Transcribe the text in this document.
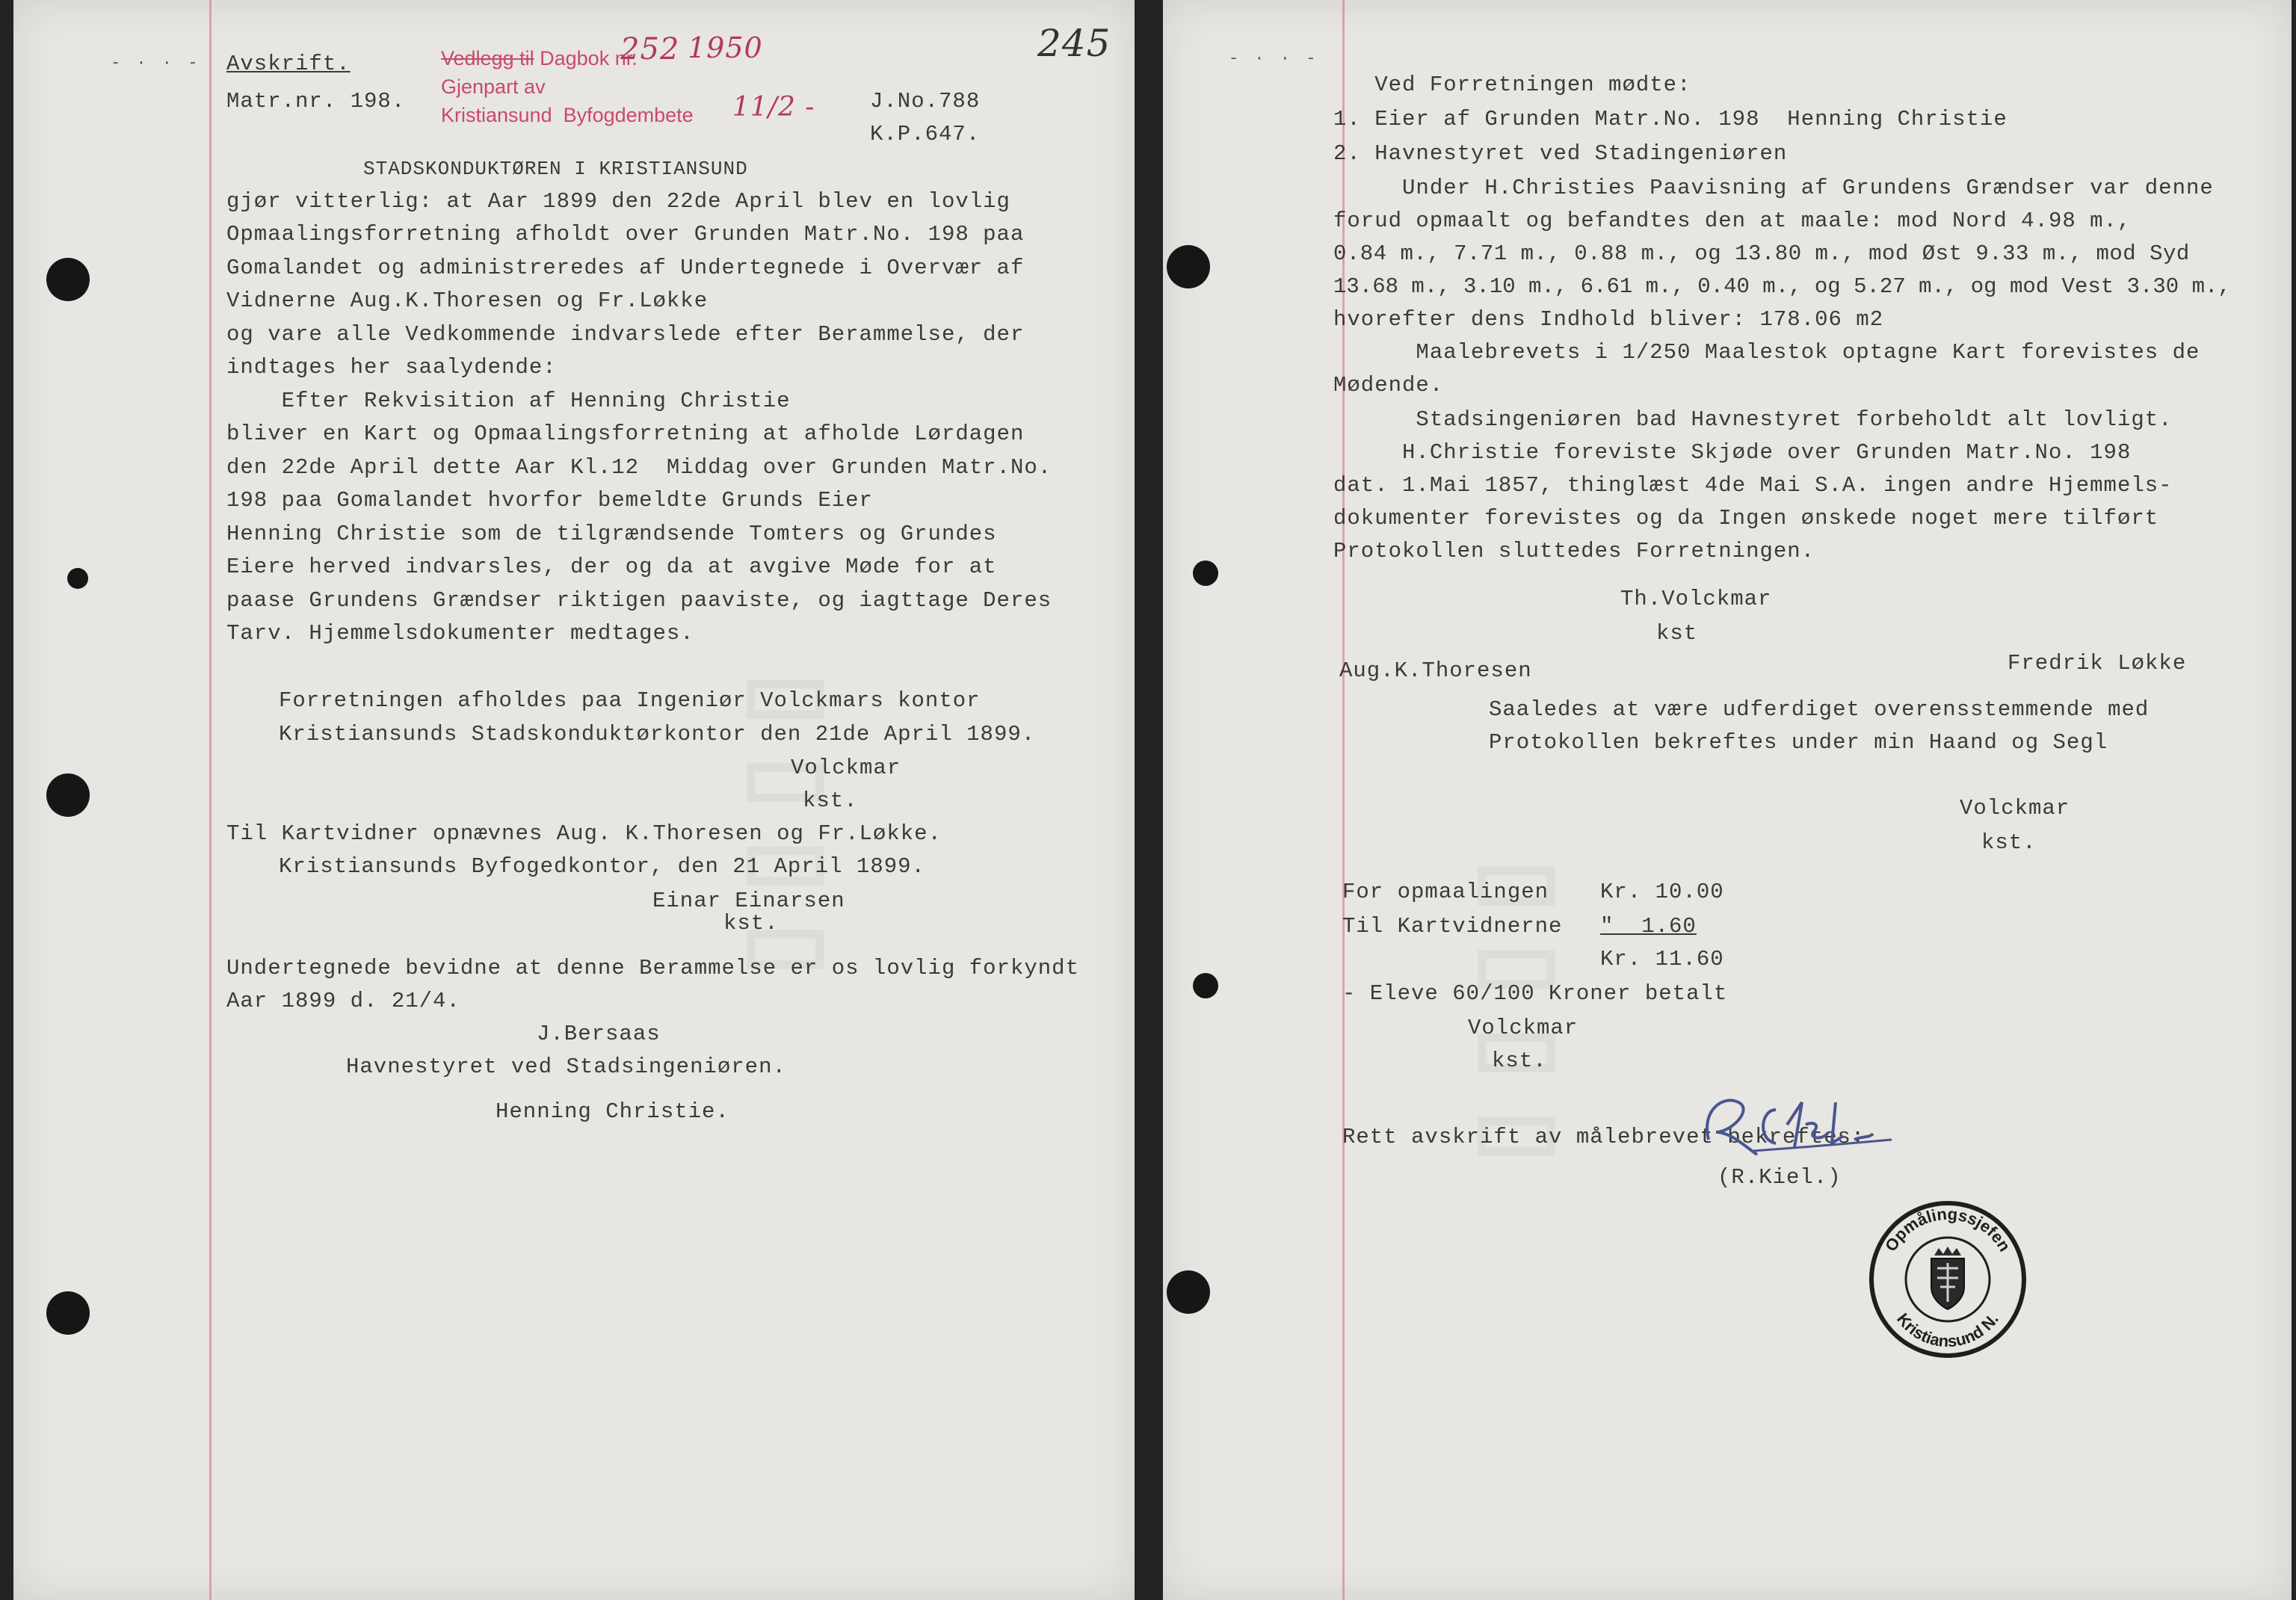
- · · - Avskrift.
Matr.nr. 198.
Vedlegg til Dagbok nr.
252 1950
Gjenpart av
Kristiansund  Byfogdembete 11/2 -
245
J.No.788
K.P.647.
STADSKONDUKTØREN I KRISTIANSUND
gjør vitterlig: at Aar 1899 den 22de April blev en lovlig
Opmaalingsforretning afholdt over Grunden Matr.No. 198 paa
Gomalandet og administreredes af Undertegnede i Overvær af
Vidnerne Aug.K.Thoresen og Fr.Løkke
og vare alle Vedkommende indvarslede efter Berammelse, der
indtages her saalydende:
Efter Rekvisition af Henning Christie
bliver en Kart og Opmaalingsforretning at afholde Lørdagen
den 22de April dette Aar Kl.12  Middag over Grunden Matr.No.
198 paa Gomalandet hvorfor bemeldte Grunds Eier
Henning Christie som de tilgrændsende Tomters og Grundes
Eiere herved indvarsles, der og da at avgive Møde for at
paase Grundens Grændser riktigen paaviste, og iagttage Deres
Tarv. Hjemmelsdokumenter medtages.
Forretningen afholdes paa Ingeniør Volckmars kontor
Kristiansunds Stadskonduktørkontor den 21de April 1899.
Volckmar
kst.
Til Kartvidner opnævnes Aug. K.Thoresen og Fr.Løkke.
Kristiansunds Byfogedkontor, den 21 April 1899.
Einar Einarsen
kst.
Undertegnede bevidne at denne Berammelse er os lovlig forkyndt
Aar 1899 d. 21/4.
J.Bersaas
Havnestyret ved Stadsingeniøren.
Henning Christie.
- · · -
Ved Forretningen mødte:
1. Eier af Grunden Matr.No. 198  Henning Christie
2. Havnestyret ved Stadingeniøren
Under H.Christies Paavisning af Grundens Grændser var denne
forud opmaalt og befandtes den at maale: mod Nord 4.98 m.,
0.84 m., 7.71 m., 0.88 m., og 13.80 m., mod Øst 9.33 m., mod Syd
13.68 m., 3.10 m., 6.61 m., 0.40 m., og 5.27 m., og mod Vest 3.30 m.,
hvorefter dens Indhold bliver: 178.06 m2
Maalebrevets i 1/250 Maalestok optagne Kart forevistes de
Mødende.
Stadsingeniøren bad Havnestyret forbeholdt alt lovligt.
H.Christie foreviste Skjøde over Grunden Matr.No. 198
dat. 1.Mai 1857, thinglæst 4de Mai S.A. ingen andre Hjemmels-
dokumenter forevistes og da Ingen ønskede noget mere tilført
Protokollen sluttedes Forretningen.
Th.Volckmar
kst
Aug.K.Thoresen	Fredrik Løkke
Saaledes at være udferdiget overensstemmende med
Protokollen bekreftes under min Haand og Segl
Volckmar
kst.
For opmaalingen Kr. 10.00
Til Kartvidnerne "  1.60
Kr. 11.60
- Eleve 60/100 Kroner betalt
Volckmar
kst.
Rett avskrift av målebrevet bekreftes:
(R.Kiel.)
Opmålingssjefen
Kristiansund N.
